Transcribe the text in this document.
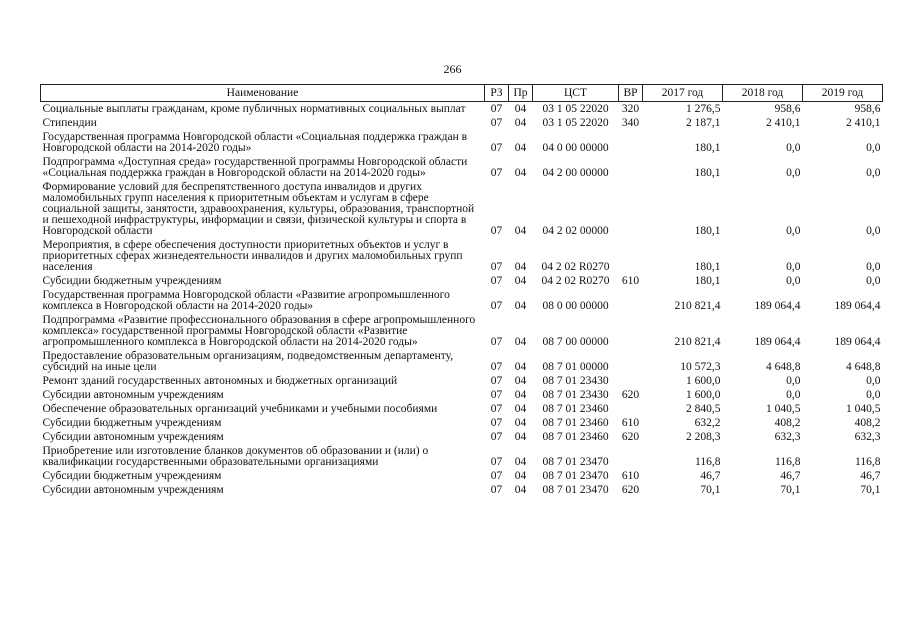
266
Наименование	РЗ	Пр	ЦСТ	ВР	2017 год	2018 год	2019 год
Социальные выплаты гражданам, кроме публичных нормативных социальных выплат	07	04	03 1 05 22020	320	1 276,5	958,6	958,6
Стипендии	07	04	03 1 05 22020	340	2 187,1	2 410,1	2 410,1
Государственная программа Новгородской области «Социальная поддержка граждан в Новгородской области на 2014-2020 годы»	07	04	04 0 00 00000		180,1	0,0	0,0
Подпрограмма «Доступная среда» государственной программы Новгородской области «Социальная поддержка граждан в Новгородской области на 2014-2020 годы»	07	04	04 2 00 00000		180,1	0,0	0,0
Формирование условий для беспрепятственного доступа инвалидов и других маломобильных групп населения к приоритетным объектам и услугам в сфере социальной защиты, занятости, здравоохранения, культуры, образования, транспортной и пешеходной инфраструктуры, информации и связи, физической культуры и спорта в Новгородской области	07	04	04 2 02 00000		180,1	0,0	0,0
Мероприятия, в сфере обеспечения доступности приоритетных объектов и услуг в приоритетных сферах жизнедеятельности инвалидов и других маломобильных групп населения	07	04	04 2 02 R0270		180,1	0,0	0,0
Субсидии бюджетным учреждениям	07	04	04 2 02 R0270	610	180,1	0,0	0,0
Государственная программа Новгородской области «Развитие агропромышленного комплекса в Новгородской области на 2014-2020 годы»	07	04	08 0 00 00000		210 821,4	189 064,4	189 064,4
Подпрограмма «Развитие профессионального образования в сфере агропромышленного комплекса» государственной программы Новгородской области «Развитие агропромышленного комплекса в Новгородской области на 2014-2020 годы»	07	04	08 7 00 00000		210 821,4	189 064,4	189 064,4
Предоставление образовательным организациям, подведомственным департаменту, субсидий на иные цели	07	04	08 7 01 00000		10 572,3	4 648,8	4 648,8
Ремонт зданий государственных автономных и бюджетных организаций	07	04	08 7 01 23430		1 600,0	0,0	0,0
Субсидии автономным учреждениям	07	04	08 7 01 23430	620	1 600,0	0,0	0,0
Обеспечение образовательных организаций учебниками и учебными пособиями	07	04	08 7 01 23460		2 840,5	1 040,5	1 040,5
Субсидии бюджетным учреждениям	07	04	08 7 01 23460	610	632,2	408,2	408,2
Субсидии автономным учреждениям	07	04	08 7 01 23460	620	2 208,3	632,3	632,3
Приобретение или изготовление бланков документов об образовании и (или) о квалификации государственными образовательными организациями	07	04	08 7 01 23470		116,8	116,8	116,8
Субсидии бюджетным учреждениям	07	04	08 7 01 23470	610	46,7	46,7	46,7
Субсидии автономным учреждениям	07	04	08 7 01 23470	620	70,1	70,1	70,1
